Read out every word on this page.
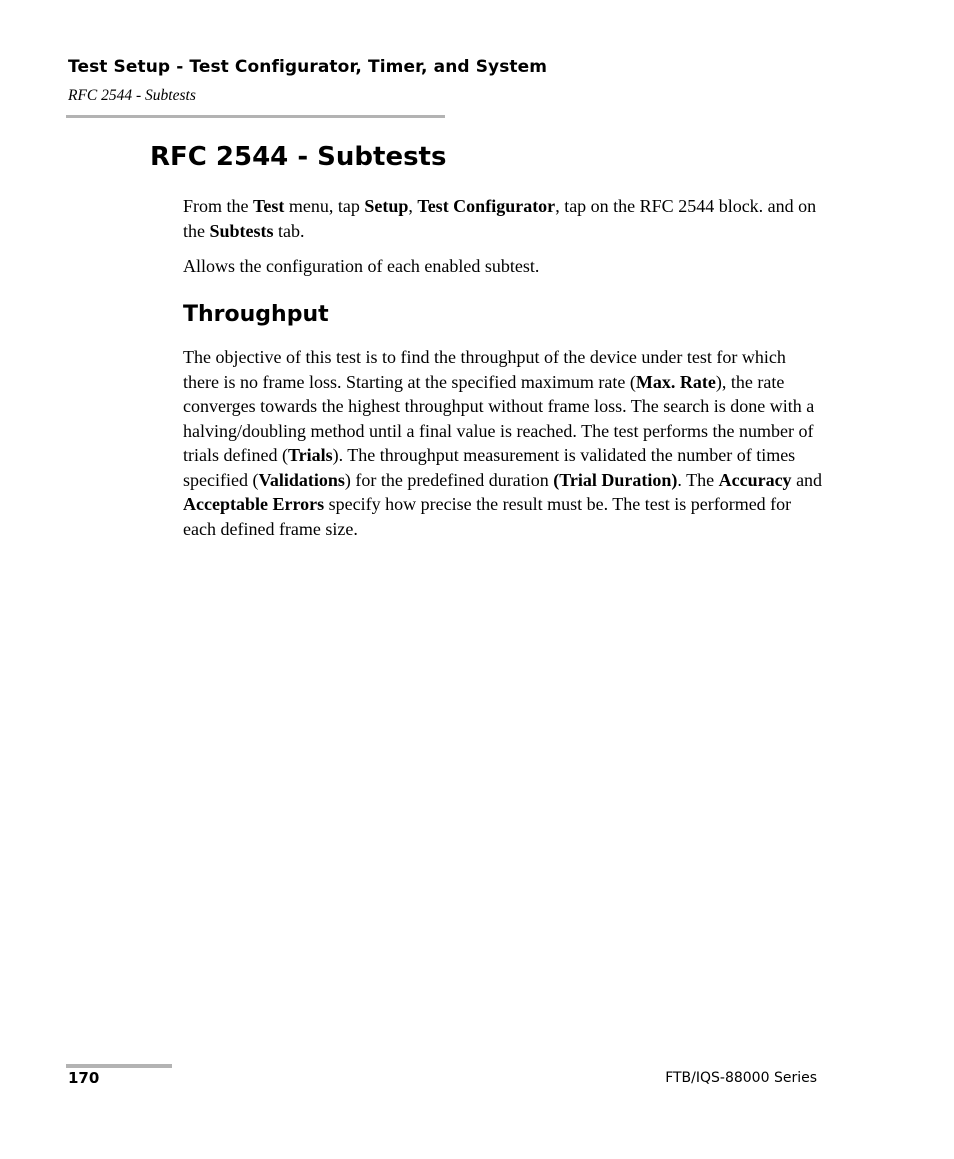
Test Setup - Test Configurator, Timer, and System
RFC 2544 - Subtests
RFC 2544 - Subtests

From the Test menu, tap Setup, Test Configurator, tap on the RFC 2544 block. and on the Subtests tab.

Allows the configuration of each enabled subtest.

Throughput

The objective of this test is to find the throughput of the device under test for which there is no frame loss. Starting at the specified maximum rate (Max. Rate), the rate converges towards the highest throughput without frame loss. The search is done with a halving/doubling method until a final value is reached. The test performs the number of trials defined (Trials). The throughput measurement is validated the number of times specified (Validations) for the predefined duration (Trial Duration). The Accuracy and Acceptable Errors specify how precise the result must be. The test is performed for each defined frame size.

170	FTB/IQS-88000 Series
